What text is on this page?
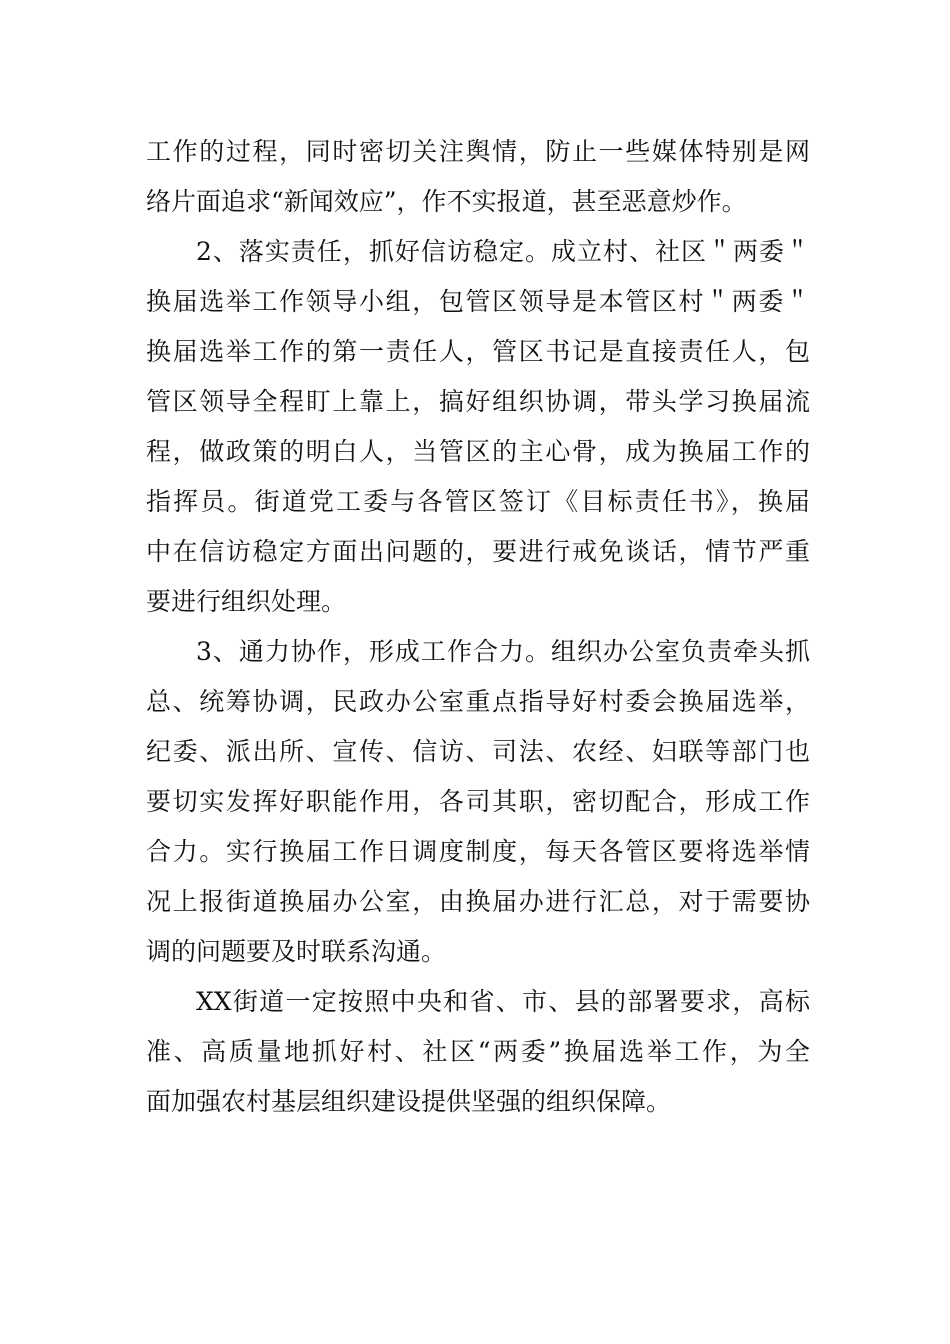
工作的过程，同时密切关注舆情，防止一些媒体特别是网
络片面追求“新闻效应”，作不实报道，甚至恶意炒作。
2、落实责任，抓好信访稳定。成立村、社区＂两委＂
换届选举工作领导小组，包管区领导是本管区村＂两委＂
换届选举工作的第一责任人，管区书记是直接责任人，包
管区领导全程盯上靠上，搞好组织协调，带头学习换届流
程，做政策的明白人，当管区的主心骨，成为换届工作的
指挥员。街道党工委与各管区签订《目标责任书》，换届
中在信访稳定方面出问题的，要进行戒免谈话，情节严重
要进行组织处理。
3、通力协作，形成工作合力。组织办公室负责牵头抓
总、统筹协调，民政办公室重点指导好村委会换届选举，
纪委、派出所、宣传、信访、司法、农经、妇联等部门也
要切实发挥好职能作用，各司其职，密切配合，形成工作
合力。实行换届工作日调度制度，每天各管区要将选举情
况上报街道换届办公室，由换届办进行汇总，对于需要协
调的问题要及时联系沟通。
XX街道一定按照中央和省、市、县的部署要求，高标
准、高质量地抓好村、社区“两委”换届选举工作，为全
面加强农村基层组织建设提供坚强的组织保障。
